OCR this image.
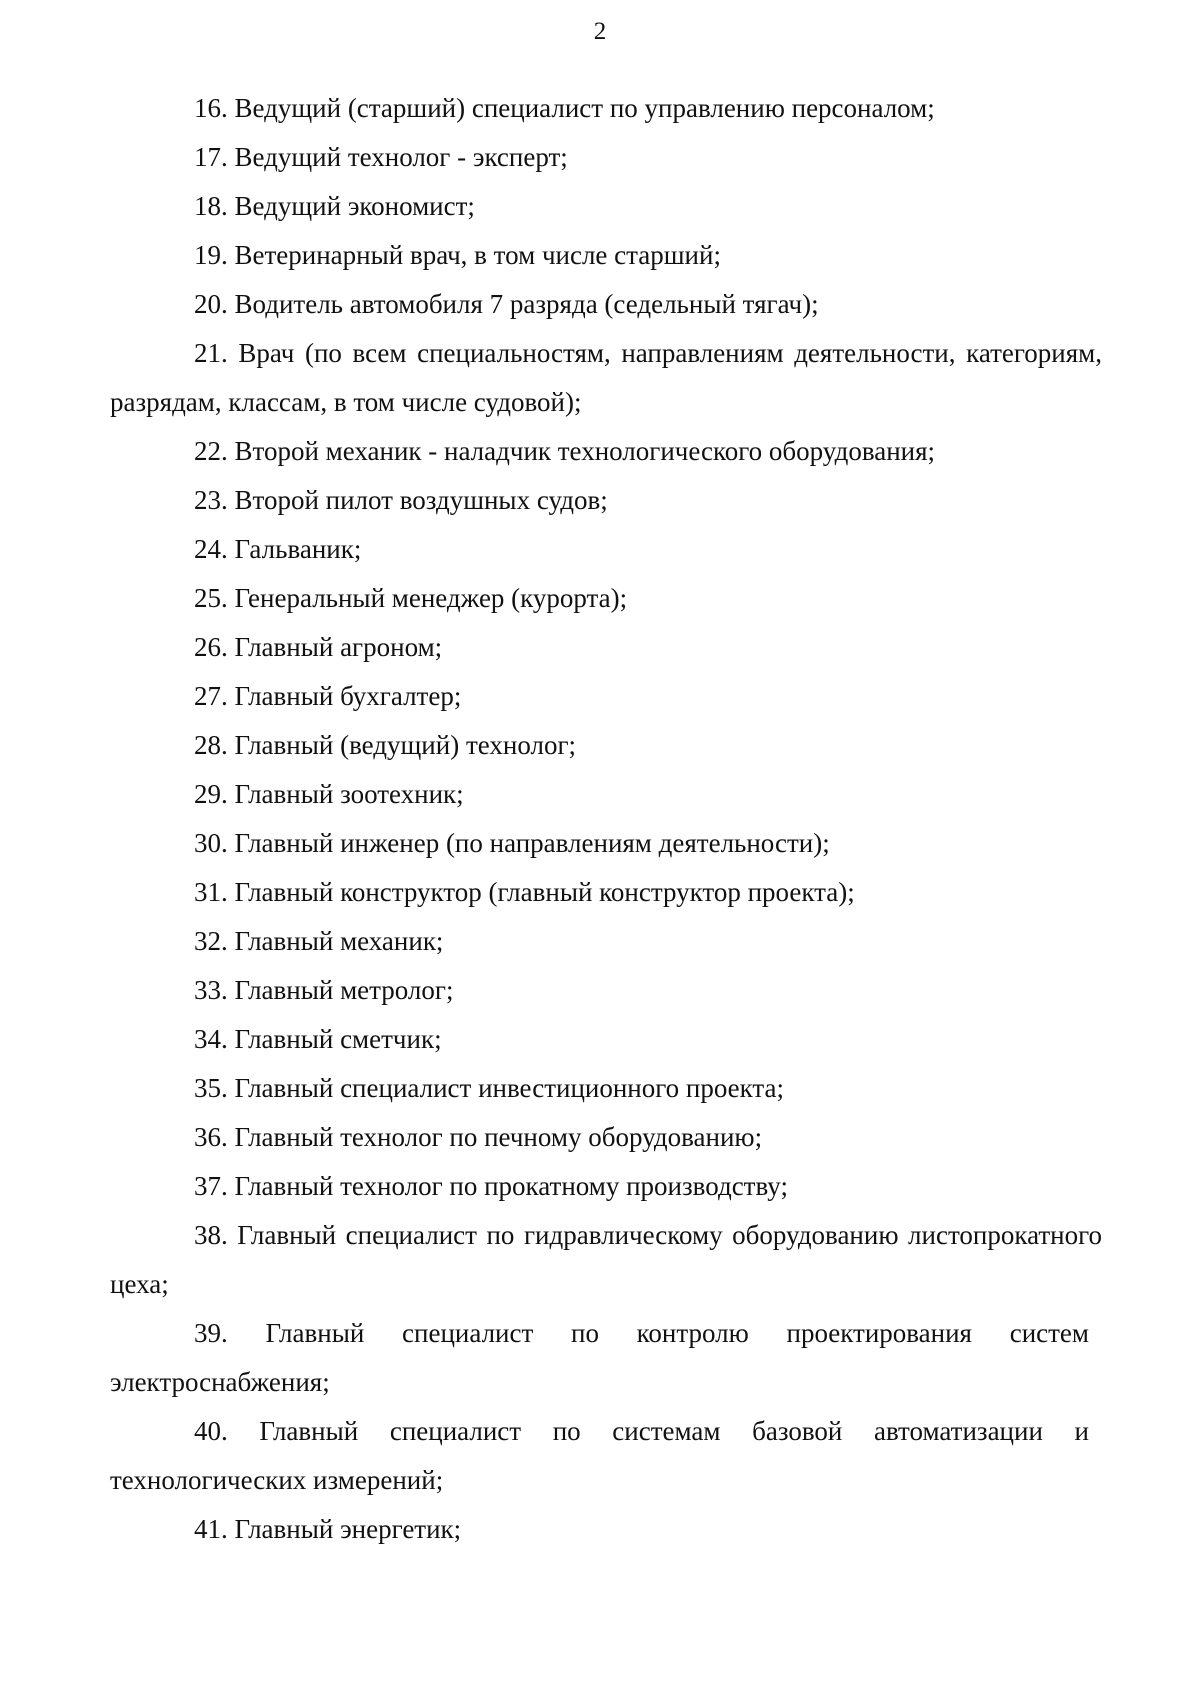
2

16. Ведущий (старший) специалист по управлению персоналом;

17. Ведущий технолог - эксперт;

18. Ведущий экономист;

19. Ветеринарный врач, в том числе старший;

20. Водитель автомобиля 7 разряда (седельный тягач);

21. Врач (по всем специальностям, направлениям деятельности, категориям, разрядам, классам, в том числе судовой);

22. Второй механик - наладчик технологического оборудования;

23. Второй пилот воздушных судов;

24. Гальваник;

25. Генеральный менеджер (курорта);

26. Главный агроном;

27. Главный бухгалтер;

28. Главный (ведущий) технолог;

29. Главный зоотехник;

30. Главный инженер (по направлениям деятельности);

31. Главный конструктор (главный конструктор проекта);

32. Главный механик;

33. Главный метролог;

34. Главный сметчик;

35. Главный специалист инвестиционного проекта;

36. Главный технолог по печному оборудованию;

37. Главный технолог по прокатному производству;

38. Главный специалист по гидравлическому оборудованию листопрокатного цеха;

39. Главный специалист по контролю проектирования систем электроснабжения;

40. Главный специалист по системам базовой автоматизации и технологических измерений;

41. Главный энергетик;
